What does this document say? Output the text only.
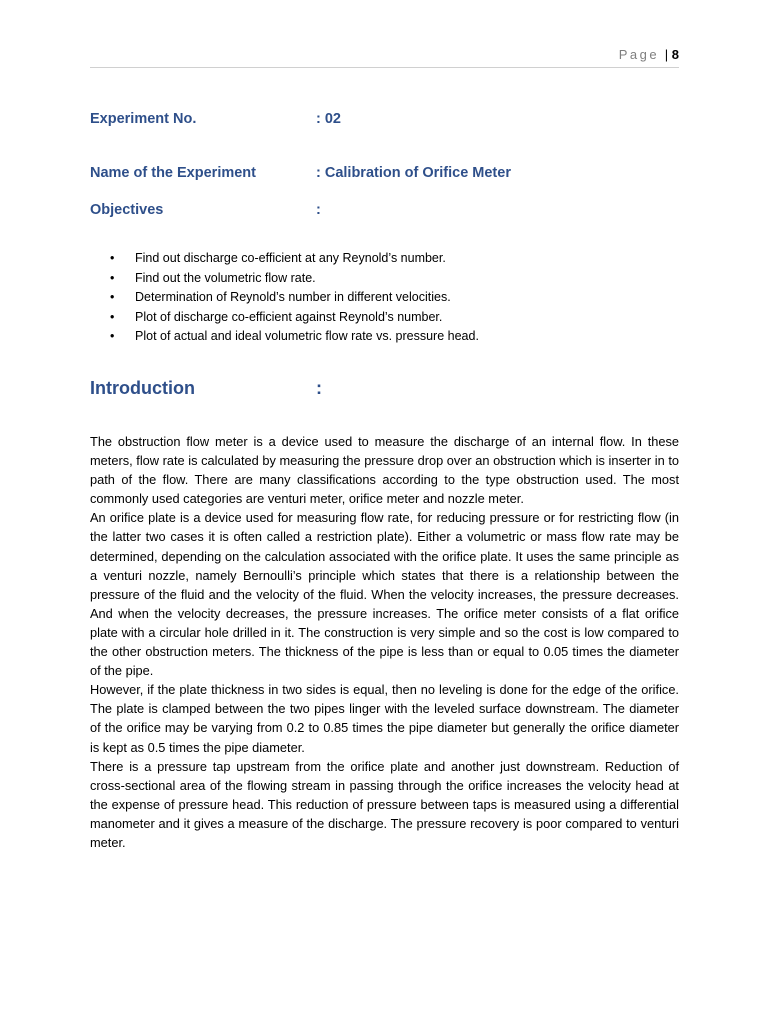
Page | 8
Experiment No.	: 02
Name of the Experiment	: Calibration of Orifice Meter
Objectives	:
• Find out discharge co-efficient at any Reynold’s number.
• Find out the volumetric flow rate.
• Determination of Reynold’s number in different velocities.
• Plot of discharge co-efficient against Reynold’s number.
• Plot of actual and ideal volumetric flow rate vs. pressure head.
Introduction	:

The obstruction flow meter is a device used to measure the discharge of an internal flow. In these meters, flow rate is calculated by measuring the pressure drop over an obstruction which is inserter in to path of the flow. There are many classifications according to the type obstruction used. The most commonly used categories are venturi meter, orifice meter and nozzle meter.

An orifice plate is a device used for measuring flow rate, for reducing pressure or for restricting flow (in the latter two cases it is often called a restriction plate). Either a volumetric or mass flow rate may be determined, depending on the calculation associated with the orifice plate. It uses the same principle as a venturi nozzle, namely Bernoulli’s principle which states that there is a relationship between the pressure of the fluid and the velocity of the fluid. When the velocity increases, the pressure decreases. And when the velocity decreases, the pressure increases. The orifice meter consists of a flat orifice plate with a circular hole drilled in it. The construction is very simple and so the cost is low compared to the other obstruction meters. The thickness of the pipe is less than or equal to 0.05 times the diameter of the pipe.

However, if the plate thickness in two sides is equal, then no leveling is done for the edge of the orifice. The plate is clamped between the two pipes linger with the leveled surface downstream. The diameter of the orifice may be varying from 0.2 to 0.85 times the pipe diameter but generally the orifice diameter is kept as 0.5 times the pipe diameter.

There is a pressure tap upstream from the orifice plate and another just downstream. Reduction of cross-sectional area of the flowing stream in passing through the orifice increases the velocity head at the expense of pressure head. This reduction of pressure between taps is measured using a differential manometer and it gives a measure of the discharge. The pressure recovery is poor compared to venturi meter.
